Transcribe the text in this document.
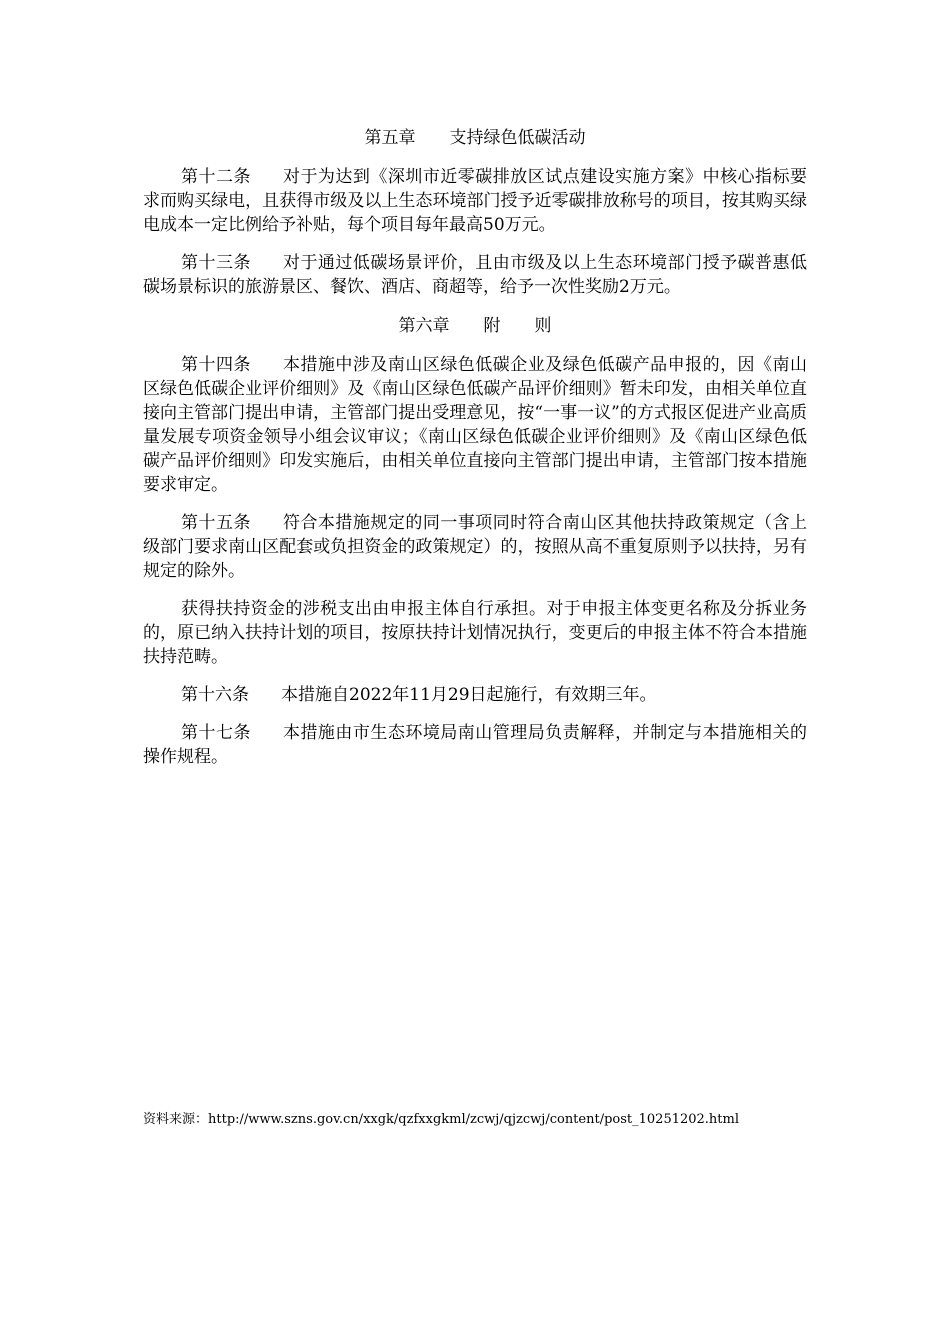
第五章　　支持绿色低碳活动

第十二条 对于为达到《深圳市近零碳排放区试点建设实施方案》中核心指标要求而购买绿电，且获得市级及以上生态环境部门授予近零碳排放称号的项目，按其购买绿电成本一定比例给予补贴，每个项目每年最高50万元。

第十三条 对于通过低碳场景评价，且由市级及以上生态环境部门授予碳普惠低碳场景标识的旅游景区、餐饮、酒店、商超等，给予一次性奖励2万元。

第六章　　附　　则

第十四条 本措施中涉及南山区绿色低碳企业及绿色低碳产品申报的，因《南山区绿色低碳企业评价细则》及《南山区绿色低碳产品评价细则》暂未印发，由相关单位直接向主管部门提出申请，主管部门提出受理意见，按“一事一议”的方式报区促进产业高质量发展专项资金领导小组会议审议；《南山区绿色低碳企业评价细则》及《南山区绿色低碳产品评价细则》印发实施后，由相关单位直接向主管部门提出申请，主管部门按本措施要求审定。

第十五条 符合本措施规定的同一事项同时符合南山区其他扶持政策规定（含上级部门要求南山区配套或负担资金的政策规定）的，按照从高不重复原则予以扶持，另有规定的除外。

获得扶持资金的涉税支出由申报主体自行承担。对于申报主体变更名称及分拆业务的，原已纳入扶持计划的项目，按原扶持计划情况执行，变更后的申报主体不符合本措施扶持范畴。

第十六条 本措施自2022年11月29日起施行，有效期三年。

第十七条 本措施由市生态环境局南山管理局负责解释，并制定与本措施相关的操作规程。

资料来源：http://www.szns.gov.cn/xxgk/qzfxxgkml/zcwj/qjzcwj/content/post_10251202.html
